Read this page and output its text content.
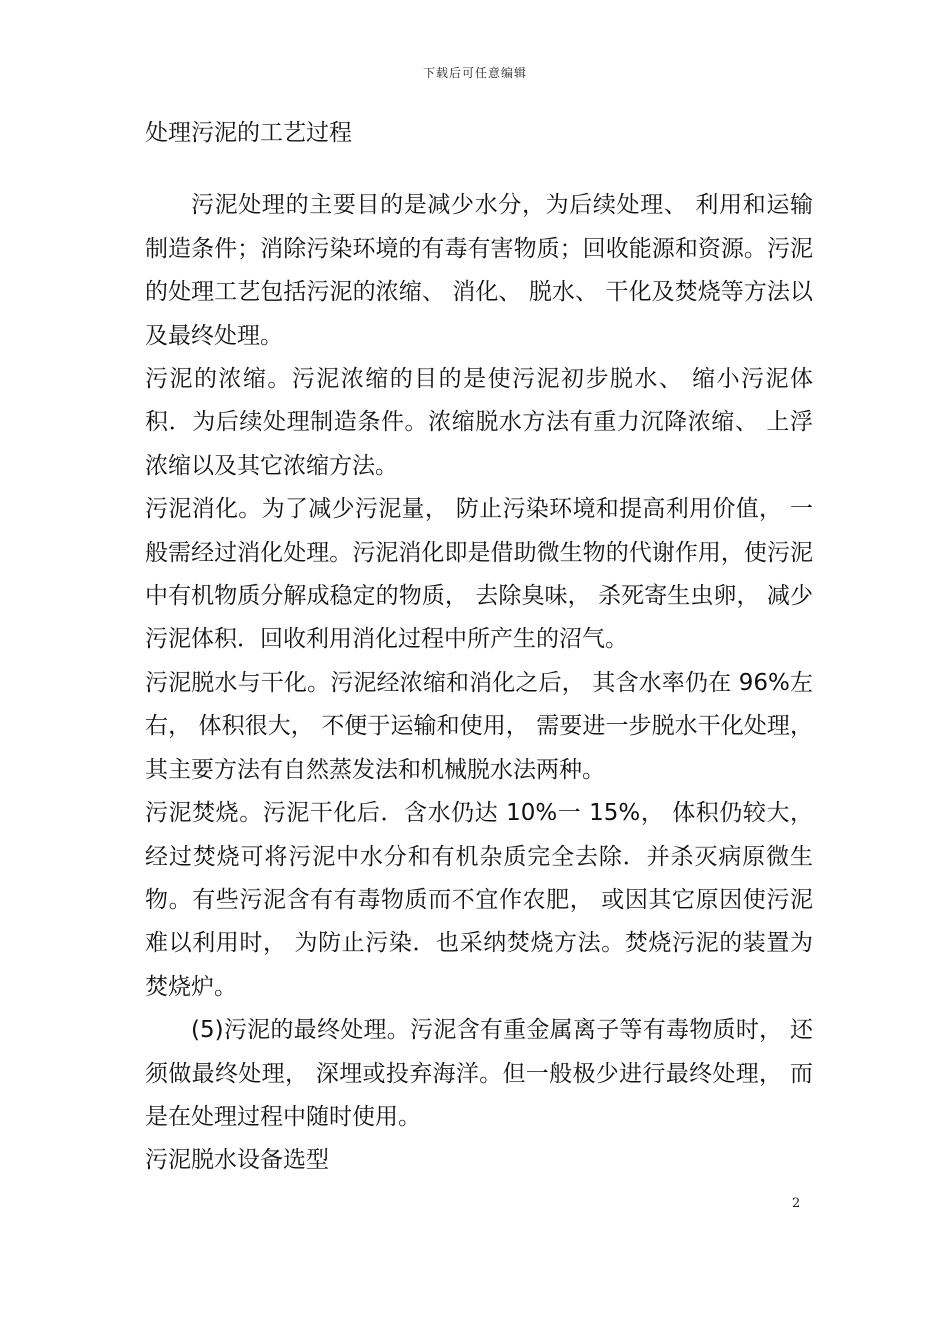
下载后可任意编辑

处理污泥的工艺过程

污泥处理的主要目的是减少水分，为后续处理、 利用和运输制造条件；消除污染环境的有毒有害物质；回收能源和资源。污泥的处理工艺包括污泥的浓缩、 消化、 脱水、 干化及焚烧等方法以及最终处理。

污泥的浓缩。污泥浓缩的目的是使污泥初步脱水、 缩小污泥体积．为后续处理制造条件。浓缩脱水方法有重力沉降浓缩、 上浮浓缩以及其它浓缩方法。

污泥消化。为了减少污泥量， 防止污染环境和提高利用价值， 一般需经过消化处理。污泥消化即是借助微生物的代谢作用，使污泥中有机物质分解成稳定的物质， 去除臭味， 杀死寄生虫卵， 减少污泥体积．回收利用消化过程中所产生的沼气。

污泥脱水与干化。污泥经浓缩和消化之后， 其含水率仍在 96%左右， 体积很大， 不便于运输和使用， 需要进一步脱水干化处理，其主要方法有自然蒸发法和机械脱水法两种。

污泥焚烧。污泥干化后．含水仍达 10%一 15%， 体积仍较大， 经过焚烧可将污泥中水分和有机杂质完全去除．并杀灭病原微生物。有些污泥含有有毒物质而不宜作农肥， 或因其它原因使污泥难以利用时， 为防止污染．也采纳焚烧方法。焚烧污泥的装置为焚烧炉。

(5)污泥的最终处理。污泥含有重金属离子等有毒物质时， 还须做最终处理， 深埋或投弃海洋。但一般极少进行最终处理， 而是在处理过程中随时使用。

污泥脱水设备选型

2
